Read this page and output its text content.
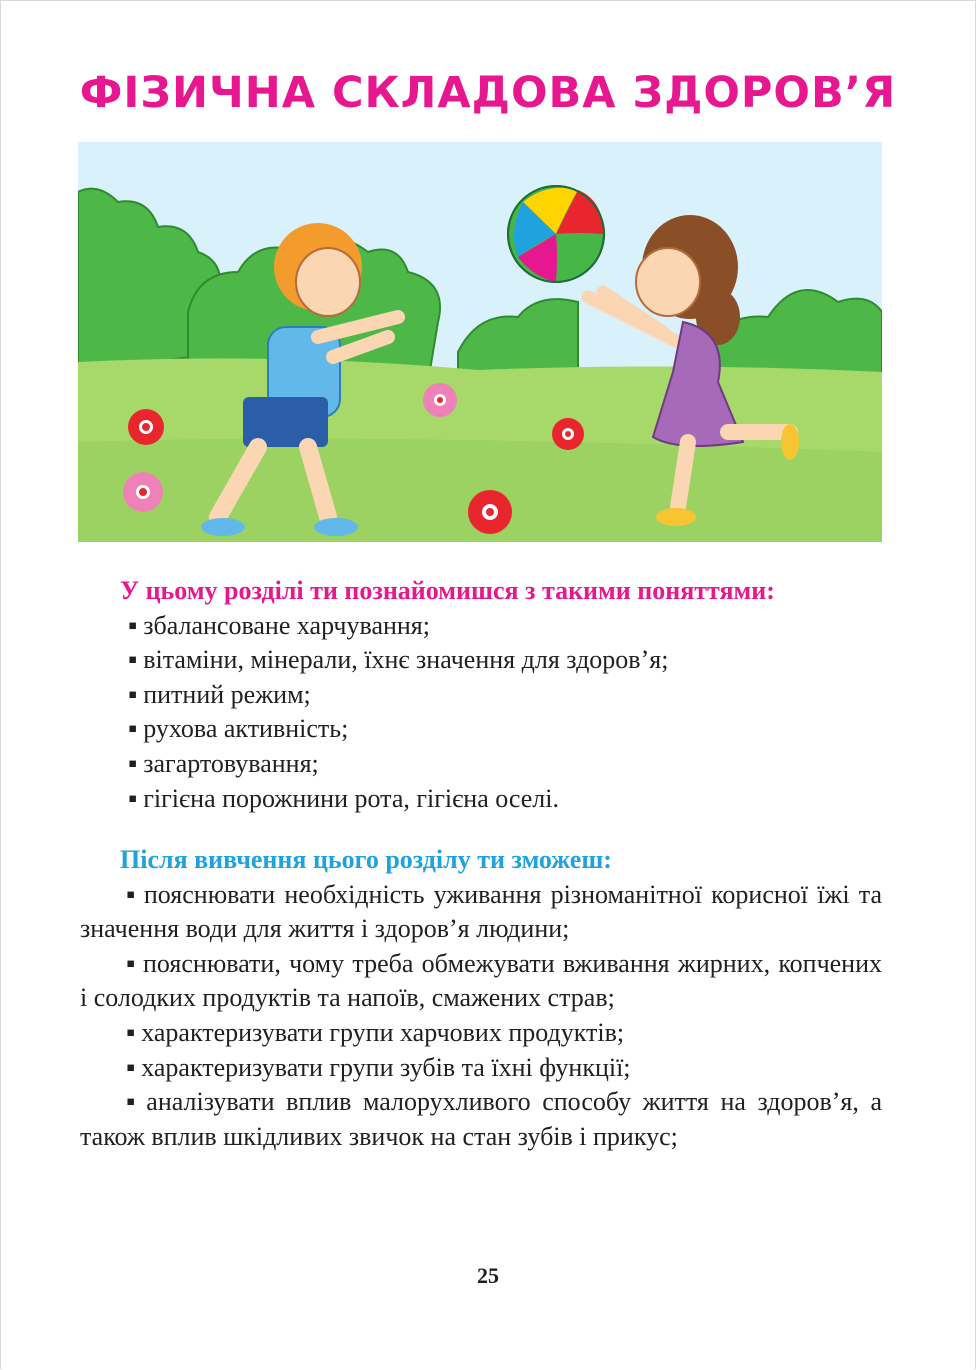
ФІЗИЧНА СКЛАДОВА ЗДОРОВ’Я
У цьому розділі ти познайомишся з такими поняттями:
▪ збалансоване харчування;
▪ вітаміни, мінерали, їхнє значення для здоров’я;
▪ питний режим;
▪ рухова активність;
▪ загартовування;
▪ гігієна порожнини рота, гігієна оселі.
Після вивчення цього розділу ти зможеш:
▪ пояснювати необхідність уживання різноманітної корисної їжі та значення води для життя і здоров’я людини;
▪ пояснювати, чому треба обмежувати вживання жирних, копчених і солодких продуктів та напоїв, смажених страв;
▪ характеризувати групи харчових продуктів;
▪ характеризувати групи зубів та їхні функції;
▪ аналізувати вплив малорухливого способу життя на здоров’я, а також вплив шкідливих звичок на стан зубів і прикус;
25
